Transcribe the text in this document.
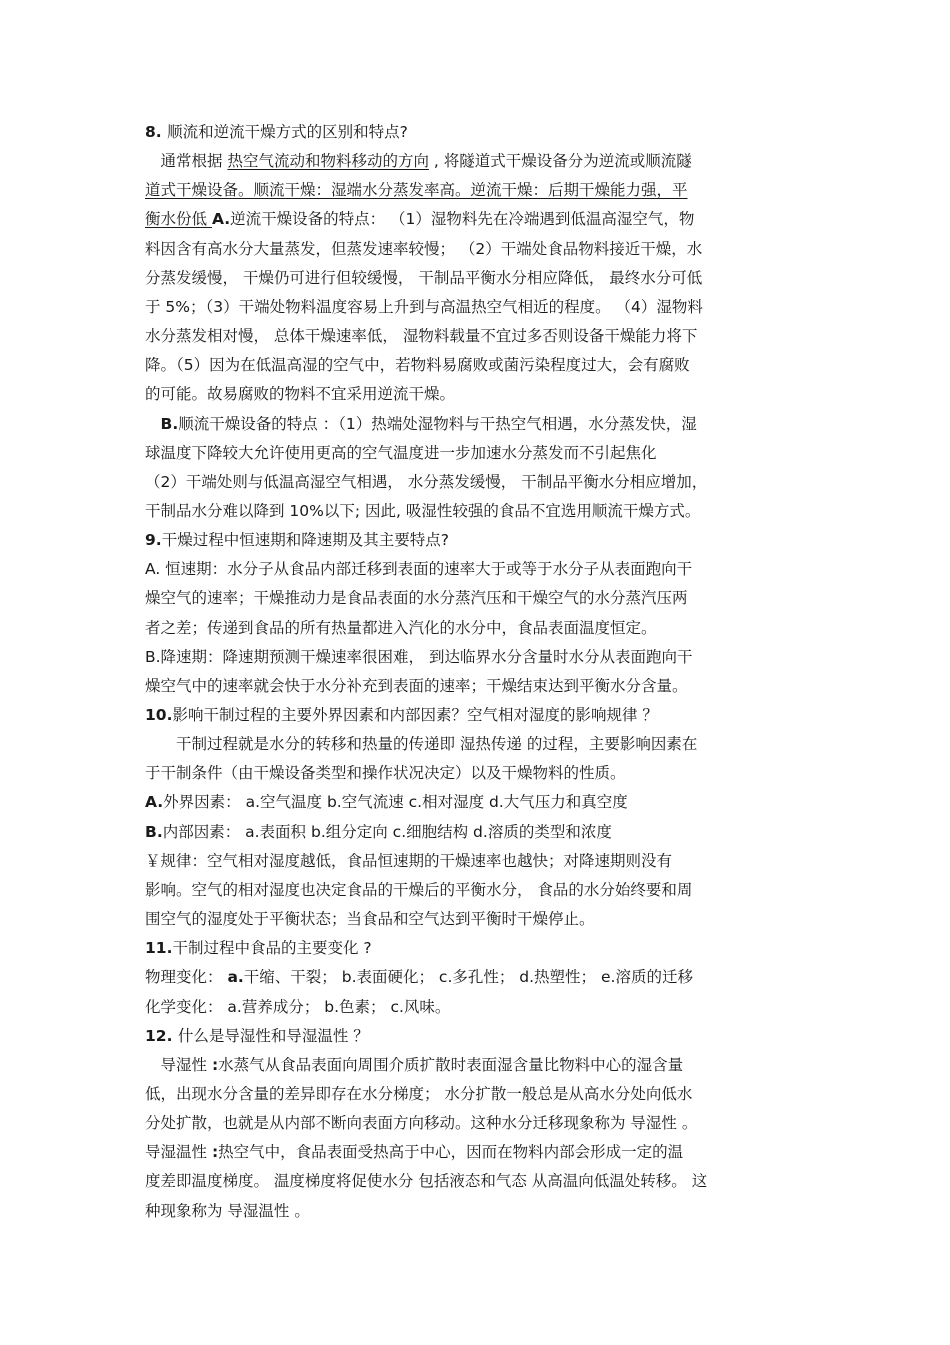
8. 顺流和逆流干燥方式的区别和特点?
　通常根据 热空气流动和物料移动的方向 , 将隧道式干燥设备分为逆流或顺流隧
道式干燥设备。顺流干燥：湿端水分蒸发率高。逆流干燥：后期干燥能力强，平
衡水份低 A.逆流干燥设备的特点： （1）湿物料先在冷端遇到低温高湿空气，物
料因含有高水分大量蒸发，但蒸发速率较慢； （2）干端处食品物料接近干燥，水
分蒸发缓慢， 干燥仍可进行但较缓慢， 干制品平衡水分相应降低， 最终水分可低
于 5%；（3）干端处物料温度容易上升到与高温热空气相近的程度。 （4）湿物料
水分蒸发相对慢， 总体干燥速率低， 湿物料载量不宜过多否则设备干燥能力将下
降。（5）因为在低温高湿的空气中，若物料易腐败或菌污染程度过大，会有腐败
的可能。故易腐败的物料不宜采用逆流干燥。
　B.顺流干燥设备的特点 ：（1）热端处湿物料与干热空气相遇，水分蒸发快，湿
球温度下降较大允许使用更高的空气温度进一步加速水分蒸发而不引起焦化
（2）干端处则与低温高湿空气相遇， 水分蒸发缓慢， 干制品平衡水分相应增加，
干制品水分难以降到 10%以下; 因此, 吸湿性较强的食品不宜选用顺流干燥方式。
9.干燥过程中恒速期和降速期及其主要特点?
A. 恒速期：水分子从食品内部迁移到表面的速率大于或等于水分子从表面跑向干
燥空气的速率；干燥推动力是食品表面的水分蒸汽压和干燥空气的水分蒸汽压两
者之差；传递到食品的所有热量都进入汽化的水分中，食品表面温度恒定。
B.降速期：降速期预测干燥速率很困难， 到达临界水分含量时水分从表面跑向干
燥空气中的速率就会快于水分补充到表面的速率；干燥结束达到平衡水分含量。
10.影响干制过程的主要外界因素和内部因素？空气相对湿度的影响规律 ？
　　干制过程就是水分的转移和热量的传递即 湿热传递 的过程，主要影响因素在
于干制条件（由干燥设备类型和操作状况决定）以及干燥物料的性质。
A.外界因素： a.空气温度 b.空气流速 c.相对湿度 d.大气压力和真空度
B.内部因素： a.表面积 b.组分定向 c.细胞结构 d.溶质的类型和浓度
￥规律：空气相对湿度越低，食品恒速期的干燥速率也越快；对降速期则没有
影响。空气的相对湿度也决定食品的干燥后的平衡水分， 食品的水分始终要和周
围空气的湿度处于平衡状态；当食品和空气达到平衡时干燥停止。
11.干制过程中食品的主要变化 ?
物理变化： a.干缩、干裂； b.表面硬化； c.多孔性； d.热塑性； e.溶质的迁移
化学变化： a.营养成分； b.色素； c.风味。
12. 什么是导湿性和导湿温性 ？
　导湿性 :水蒸气从食品表面向周围介质扩散时表面湿含量比物料中心的湿含量
低，出现水分含量的差异即存在水分梯度； 水分扩散一般总是从高水分处向低水
分处扩散，也就是从内部不断向表面方向移动。这种水分迁移现象称为 导湿性 。
导湿温性 :热空气中，食品表面受热高于中心，因而在物料内部会形成一定的温
度差即温度梯度。 温度梯度将促使水分 包括液态和气态 从高温向低温处转移。 这
种现象称为 导湿温性 。
